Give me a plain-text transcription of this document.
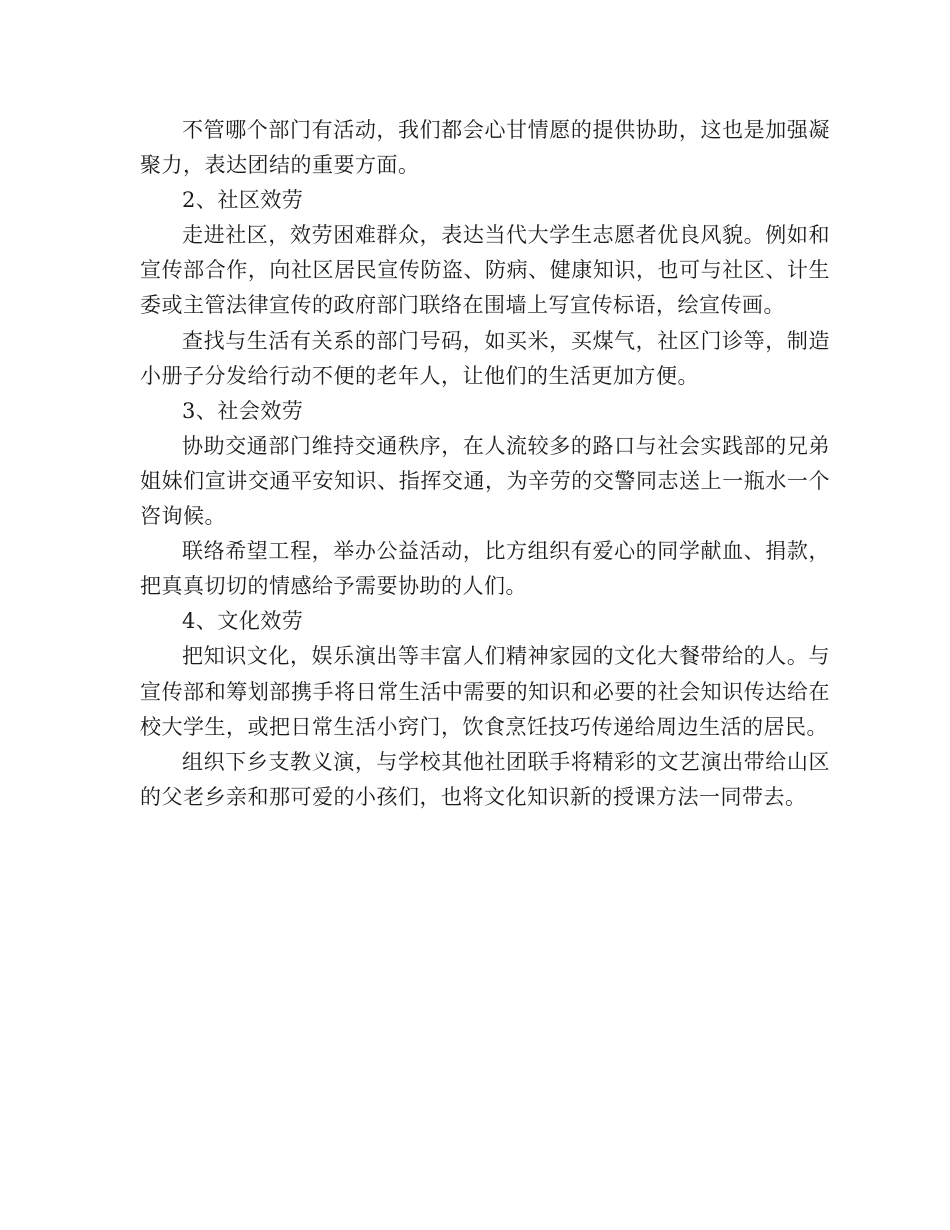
不管哪个部门有活动，我们都会心甘情愿的提供协助，这也是加强凝聚力，表达团结的重要方面。

2、社区效劳

走进社区，效劳困难群众，表达当代大学生志愿者优良风貌。例如和宣传部合作，向社区居民宣传防盗、防病、健康知识，也可与社区、计生委或主管法律宣传的政府部门联络在围墙上写宣传标语，绘宣传画。

查找与生活有关系的部门号码，如买米，买煤气，社区门诊等，制造小册子分发给行动不便的老年人，让他们的生活更加方便。

3、社会效劳

协助交通部门维持交通秩序，在人流较多的路口与社会实践部的兄弟姐妹们宣讲交通平安知识、指挥交通，为辛劳的交警同志送上一瓶水一个咨询候。

联络希望工程，举办公益活动，比方组织有爱心的同学献血、捐款，把真真切切的情感给予需要协助的人们。

4、文化效劳

把知识文化，娱乐演出等丰富人们精神家园的文化大餐带给的人。与宣传部和筹划部携手将日常生活中需要的知识和必要的社会知识传达给在校大学生，或把日常生活小窍门，饮食烹饪技巧传递给周边生活的居民。

组织下乡支教义演，与学校其他社团联手将精彩的文艺演出带给山区的父老乡亲和那可爱的小孩们，也将文化知识新的授课方法一同带去。
